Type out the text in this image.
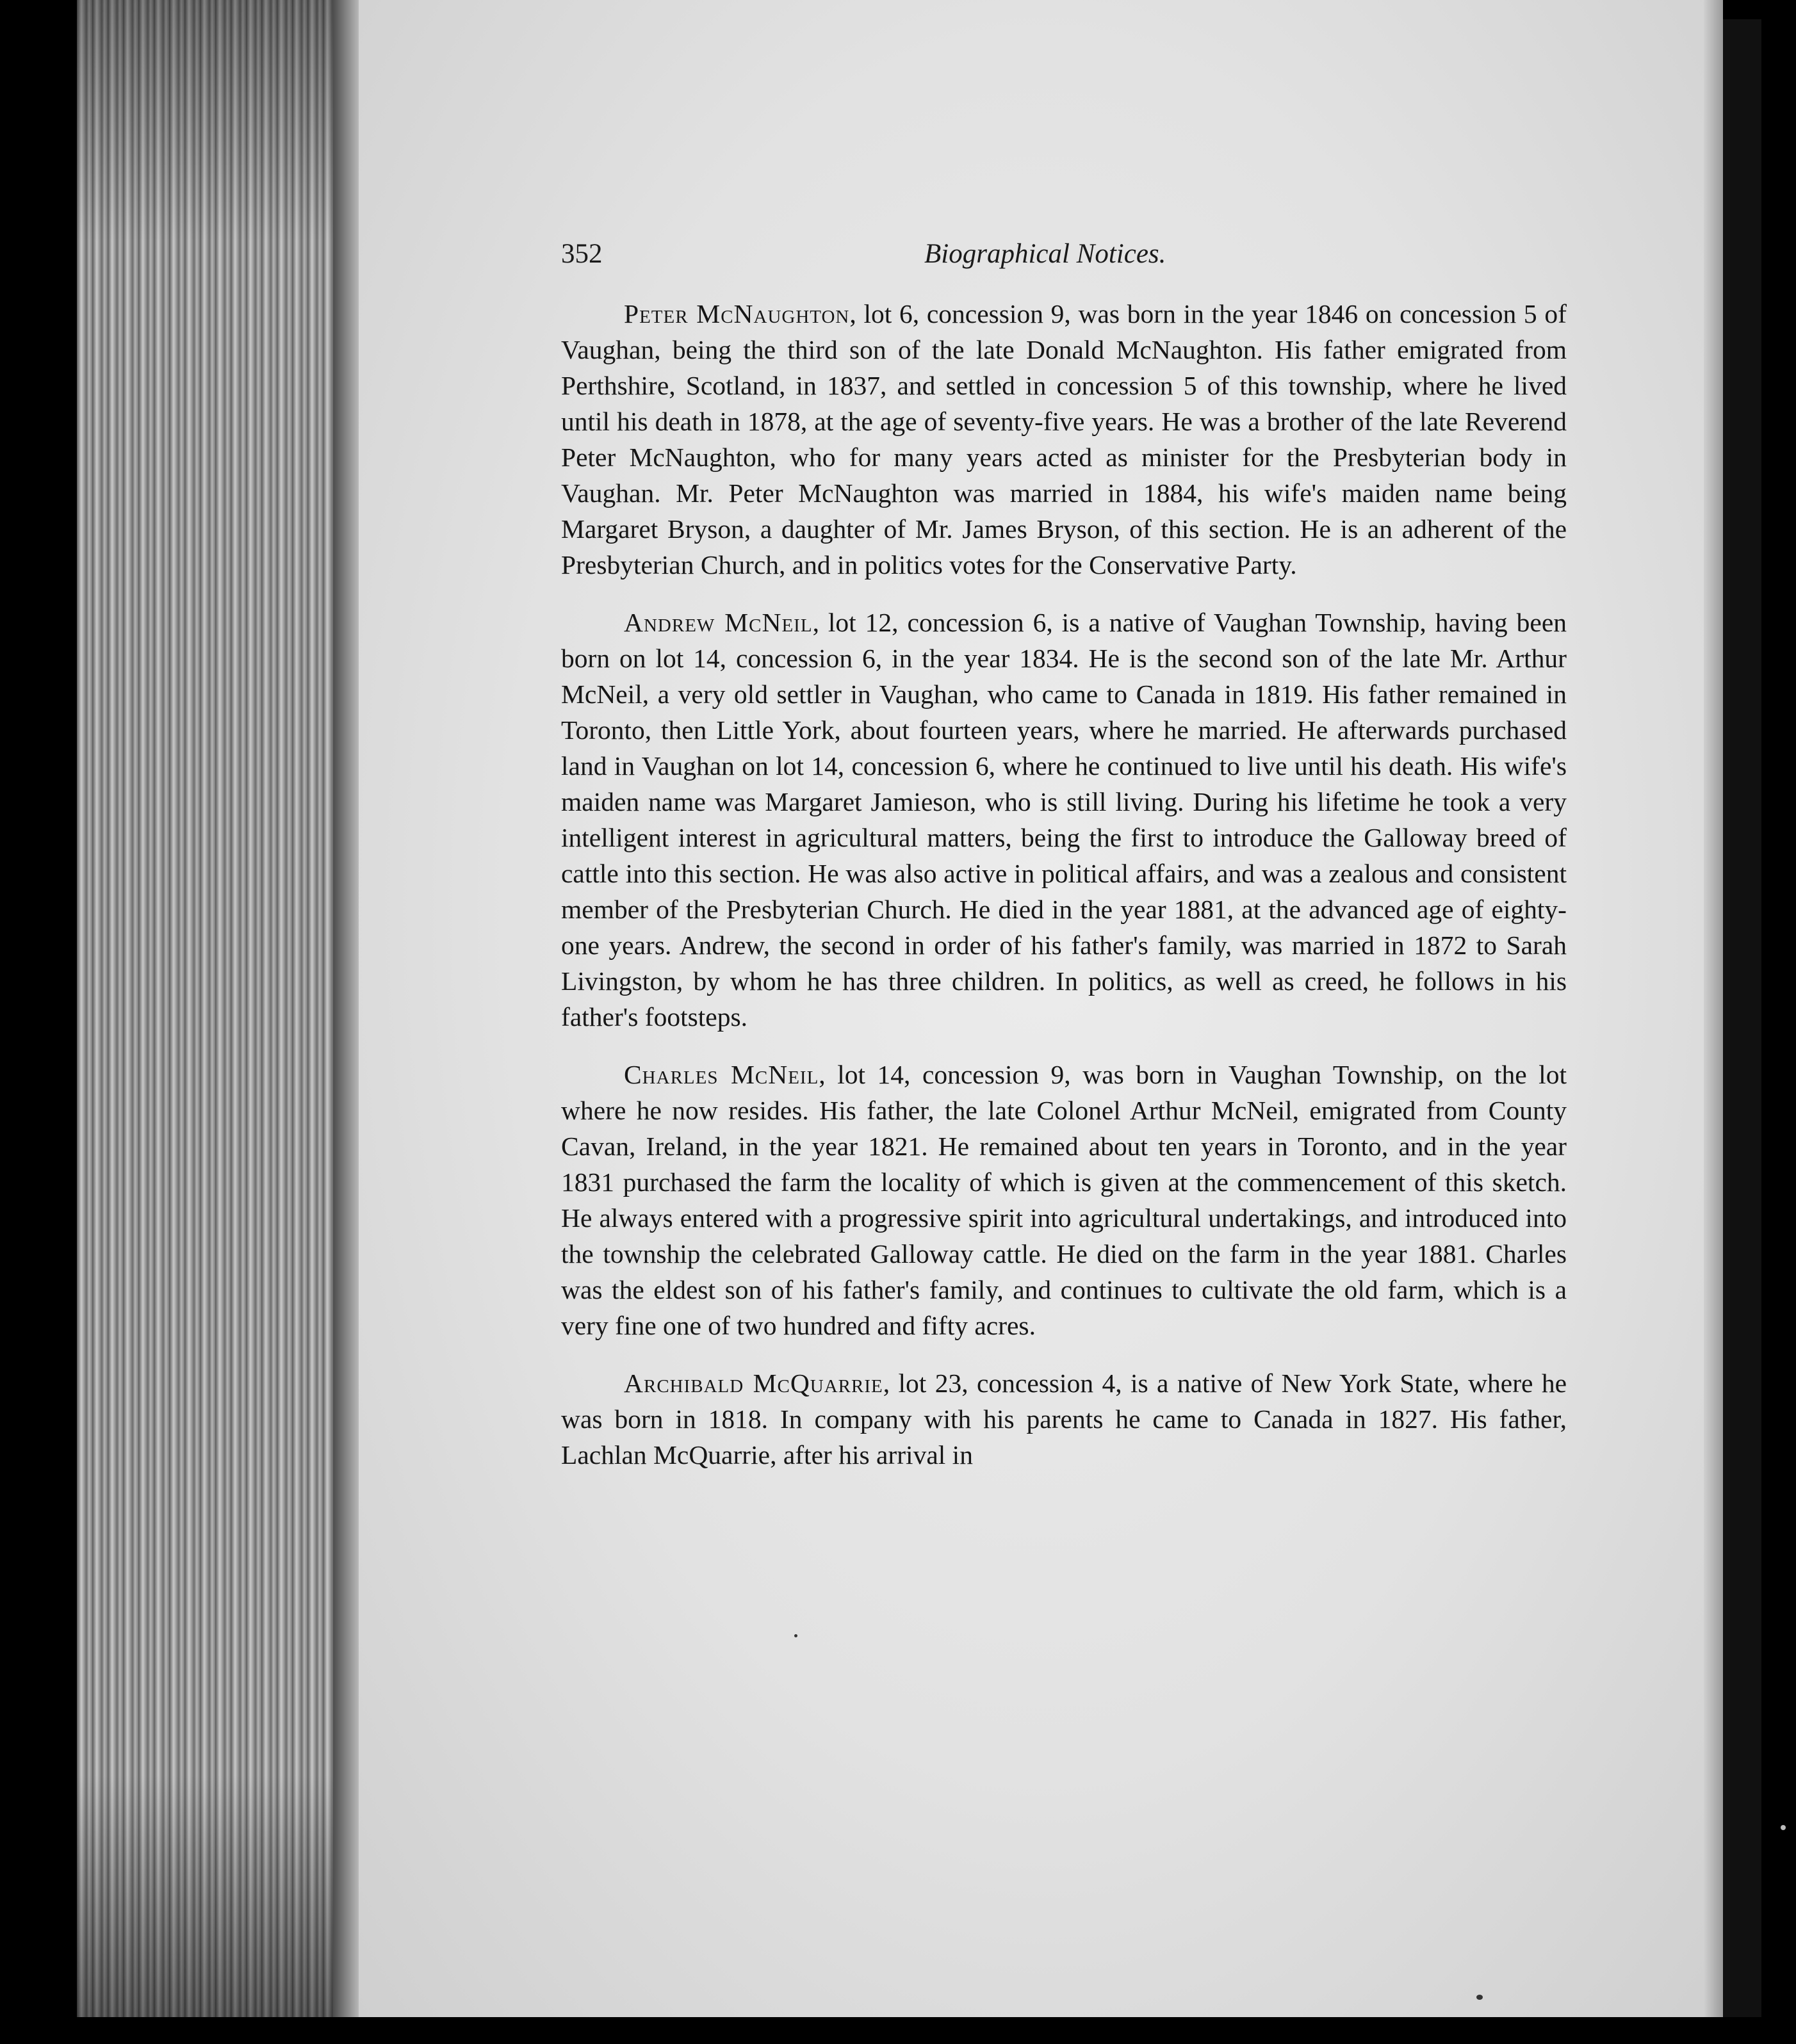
352	Biographical Notices.

Peter McNaughton, lot 6, concession 9, was born in the year 1846 on concession 5 of Vaughan, being the third son of the late Donald McNaughton. His father emigrated from Perthshire, Scotland, in 1837, and settled in concession 5 of this township, where he lived until his death in 1878, at the age of seventy-five years. He was a brother of the late Reverend Peter McNaughton, who for many years acted as minister for the Presbyterian body in Vaughan. Mr. Peter McNaughton was married in 1884, his wife's maiden name being Margaret Bryson, a daughter of Mr. James Bryson, of this section. He is an adherent of the Presbyterian Church, and in politics votes for the Conservative Party.

Andrew McNeil, lot 12, concession 6, is a native of Vaughan Township, having been born on lot 14, concession 6, in the year 1834. He is the second son of the late Mr. Arthur McNeil, a very old settler in Vaughan, who came to Canada in 1819. His father remained in Toronto, then Little York, about fourteen years, where he married. He afterwards purchased land in Vaughan on lot 14, concession 6, where he continued to live until his death. His wife's maiden name was Margaret Jamieson, who is still living. During his lifetime he took a very intelligent interest in agricultural matters, being the first to introduce the Galloway breed of cattle into this section. He was also active in political affairs, and was a zealous and consistent member of the Presbyterian Church. He died in the year 1881, at the advanced age of eighty-one years. Andrew, the second in order of his father's family, was married in 1872 to Sarah Livingston, by whom he has three children. In politics, as well as creed, he follows in his father's footsteps.

Charles McNeil, lot 14, concession 9, was born in Vaughan Township, on the lot where he now resides. His father, the late Colonel Arthur McNeil, emigrated from County Cavan, Ireland, in the year 1821. He remained about ten years in Toronto, and in the year 1831 purchased the farm the locality of which is given at the commencement of this sketch. He always entered with a progressive spirit into agricultural undertakings, and introduced into the township the celebrated Galloway cattle. He died on the farm in the year 1881. Charles was the eldest son of his father's family, and continues to cultivate the old farm, which is a very fine one of two hundred and fifty acres.

Archibald McQuarrie, lot 23, concession 4, is a native of New York State, where he was born in 1818. In company with his parents he came to Canada in 1827. His father, Lachlan McQuarrie, after his arrival in
